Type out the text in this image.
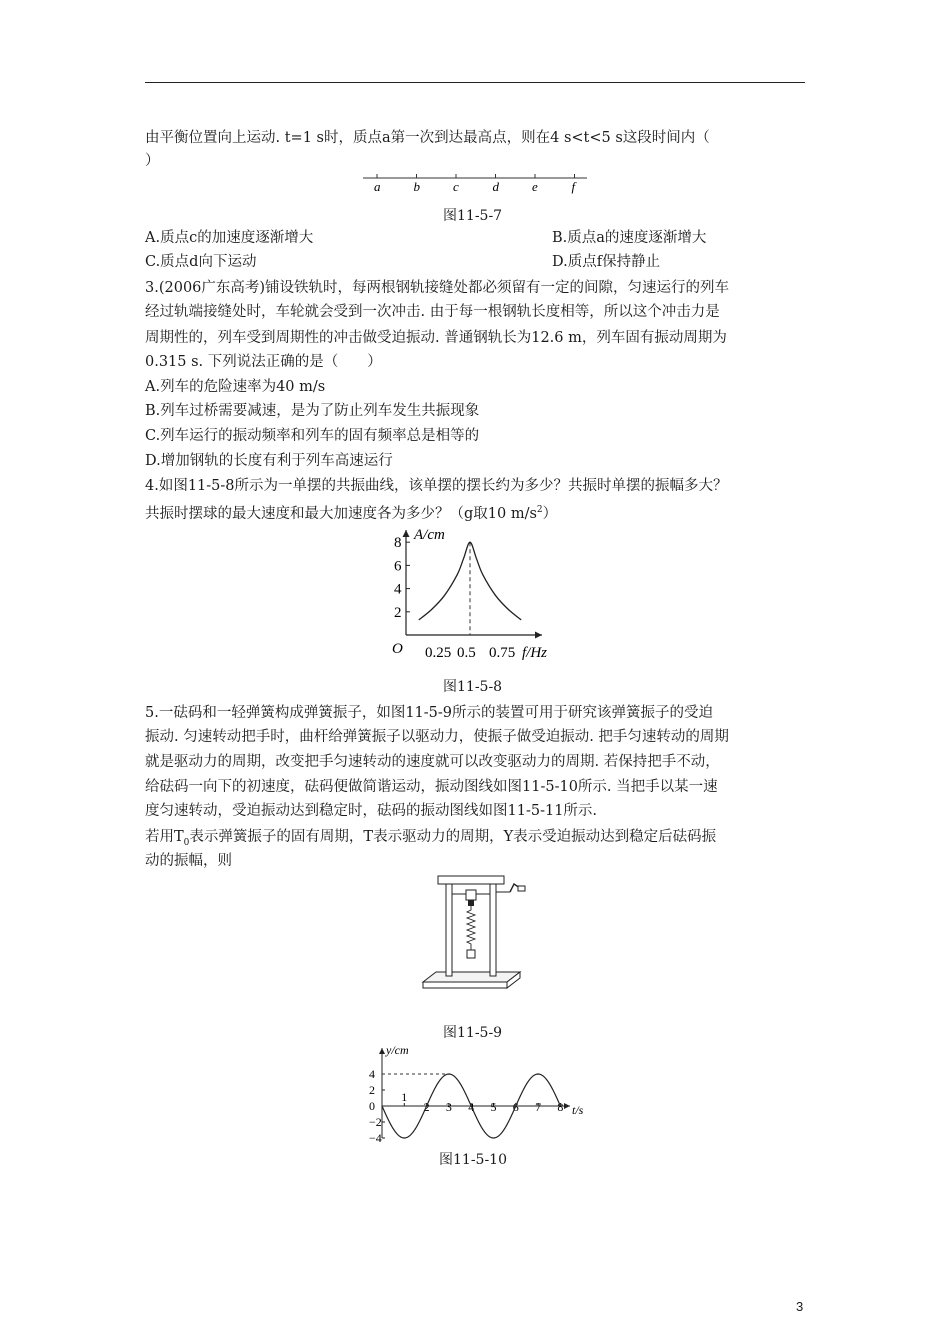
由平衡位置向上运动. t=1 s时，质点a第一次到达最高点，则在4 s<t<5 s这段时间内（
）
a	b	c	d	e	f
图11-5-7
A.质点c的加速度逐渐增大	B.质点a的速度逐渐增大
C.质点d向下运动	D.质点f保持静止
3.(2006广东高考)铺设铁轨时，每两根钢轨接缝处都必须留有一定的间隙，匀速运行的列车
经过轨端接缝处时，车轮就会受到一次冲击. 由于每一根钢轨长度相等，所以这个冲击力是
周期性的，列车受到周期性的冲击做受迫振动. 普通钢轨长为12.6 m，列车固有振动周期为
0.315 s. 下列说法正确的是（　　）
A.列车的危险速率为40 m/s
B.列车过桥需要减速，是为了防止列车发生共振现象
C.列车运行的振动频率和列车的固有频率总是相等的
D.增加钢轨的长度有利于列车高速运行
4.如图11-5-8所示为一单摆的共振曲线，该单摆的摆长约为多少？共振时单摆的振幅多大？
共振时摆球的最大速度和最大加速度各为多少？（g取10 $m/s^2$）
A/cm
2
4
6
8
0.25 0.5 0.75
O	f/Hz
图11-5-8
5.一砝码和一轻弹簧构成弹簧振子，如图11-5-9所示的装置可用于研究该弹簧振子的受迫
振动. 匀速转动把手时，曲杆给弹簧振子以驱动力，使振子做受迫振动. 把手匀速转动的周期
就是驱动力的周期，改变把手匀速转动的速度就可以改变驱动力的周期. 若保持把手不动，
给砝码一向下的初速度，砝码便做简谐运动，振动图线如图11-5-10所示. 当把手以某一速
度匀速转动，受迫振动达到稳定时，砝码的振动图线如图11-5-11所示.
若用$T_0$表示弹簧振子的固有周期，T表示驱动力的周期，Y表示受迫振动达到稳定后砝码振
动的振幅，则
图11-5-9
y/cm
4
2
0
−2
−4
1
2 3 4 5 6 7 8 t/s
图11-5-10
3
